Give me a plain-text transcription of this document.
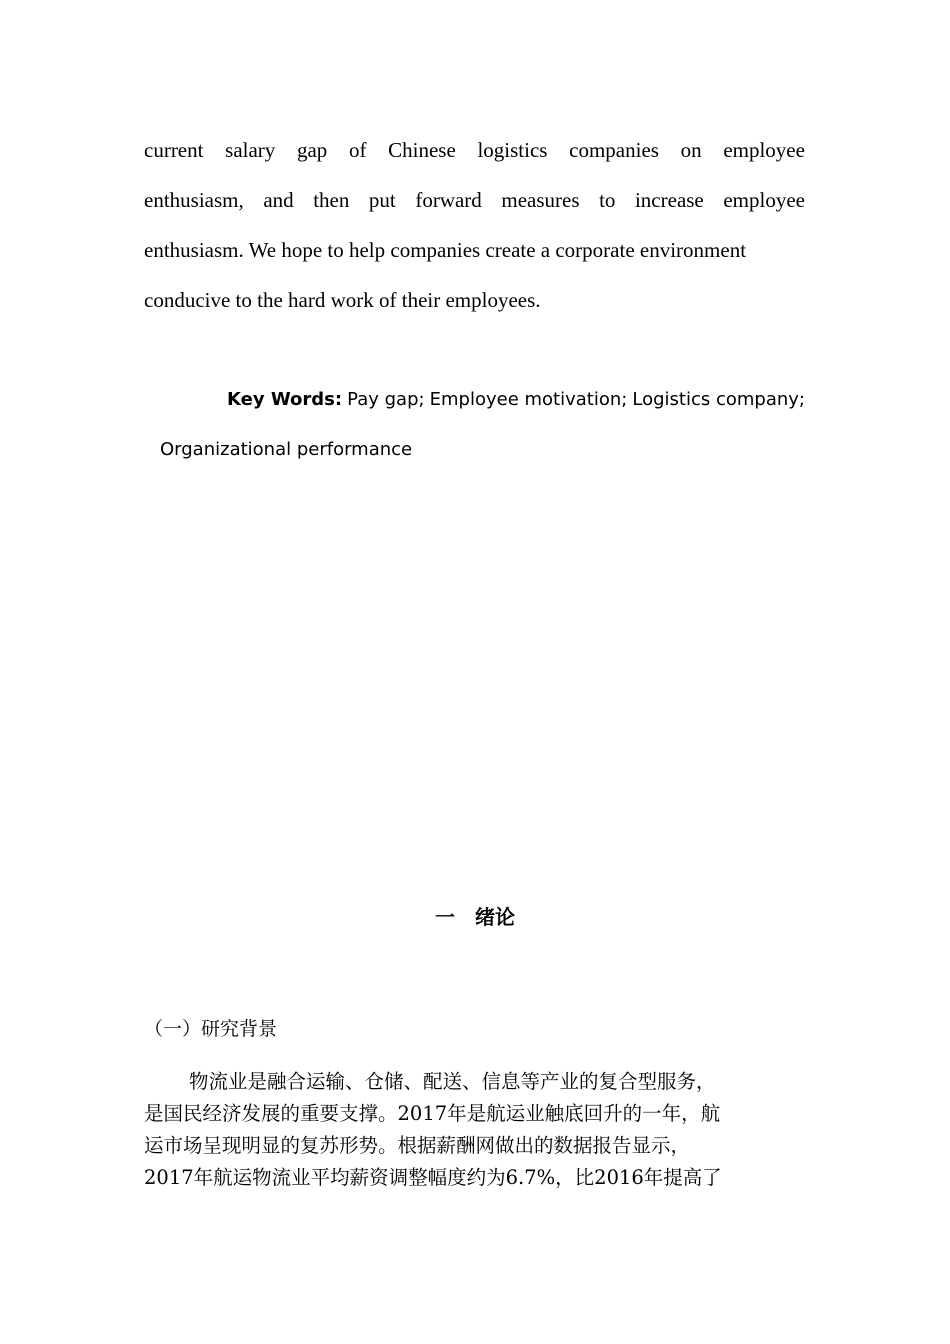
current salary gap of Chinese logistics companies on employee
enthusiasm, and then put forward measures to increase employee
enthusiasm. We hope to help companies create a corporate environment
conducive to the hard work of their employees.
Key Words: Pay gap; Employee motivation; Logistics company;
Organizational performance
一 绪论
（一）研究背景
物流业是融合运输、仓储、配送、信息等产业的复合型服务，
是国民经济发展的重要支撑。2017年是航运业触底回升的一年，航
运市场呈现明显的复苏形势。根据薪酬网做出的数据报告显示，
2017年航运物流业平均薪资调整幅度约为6.7%，比2016年提高了
